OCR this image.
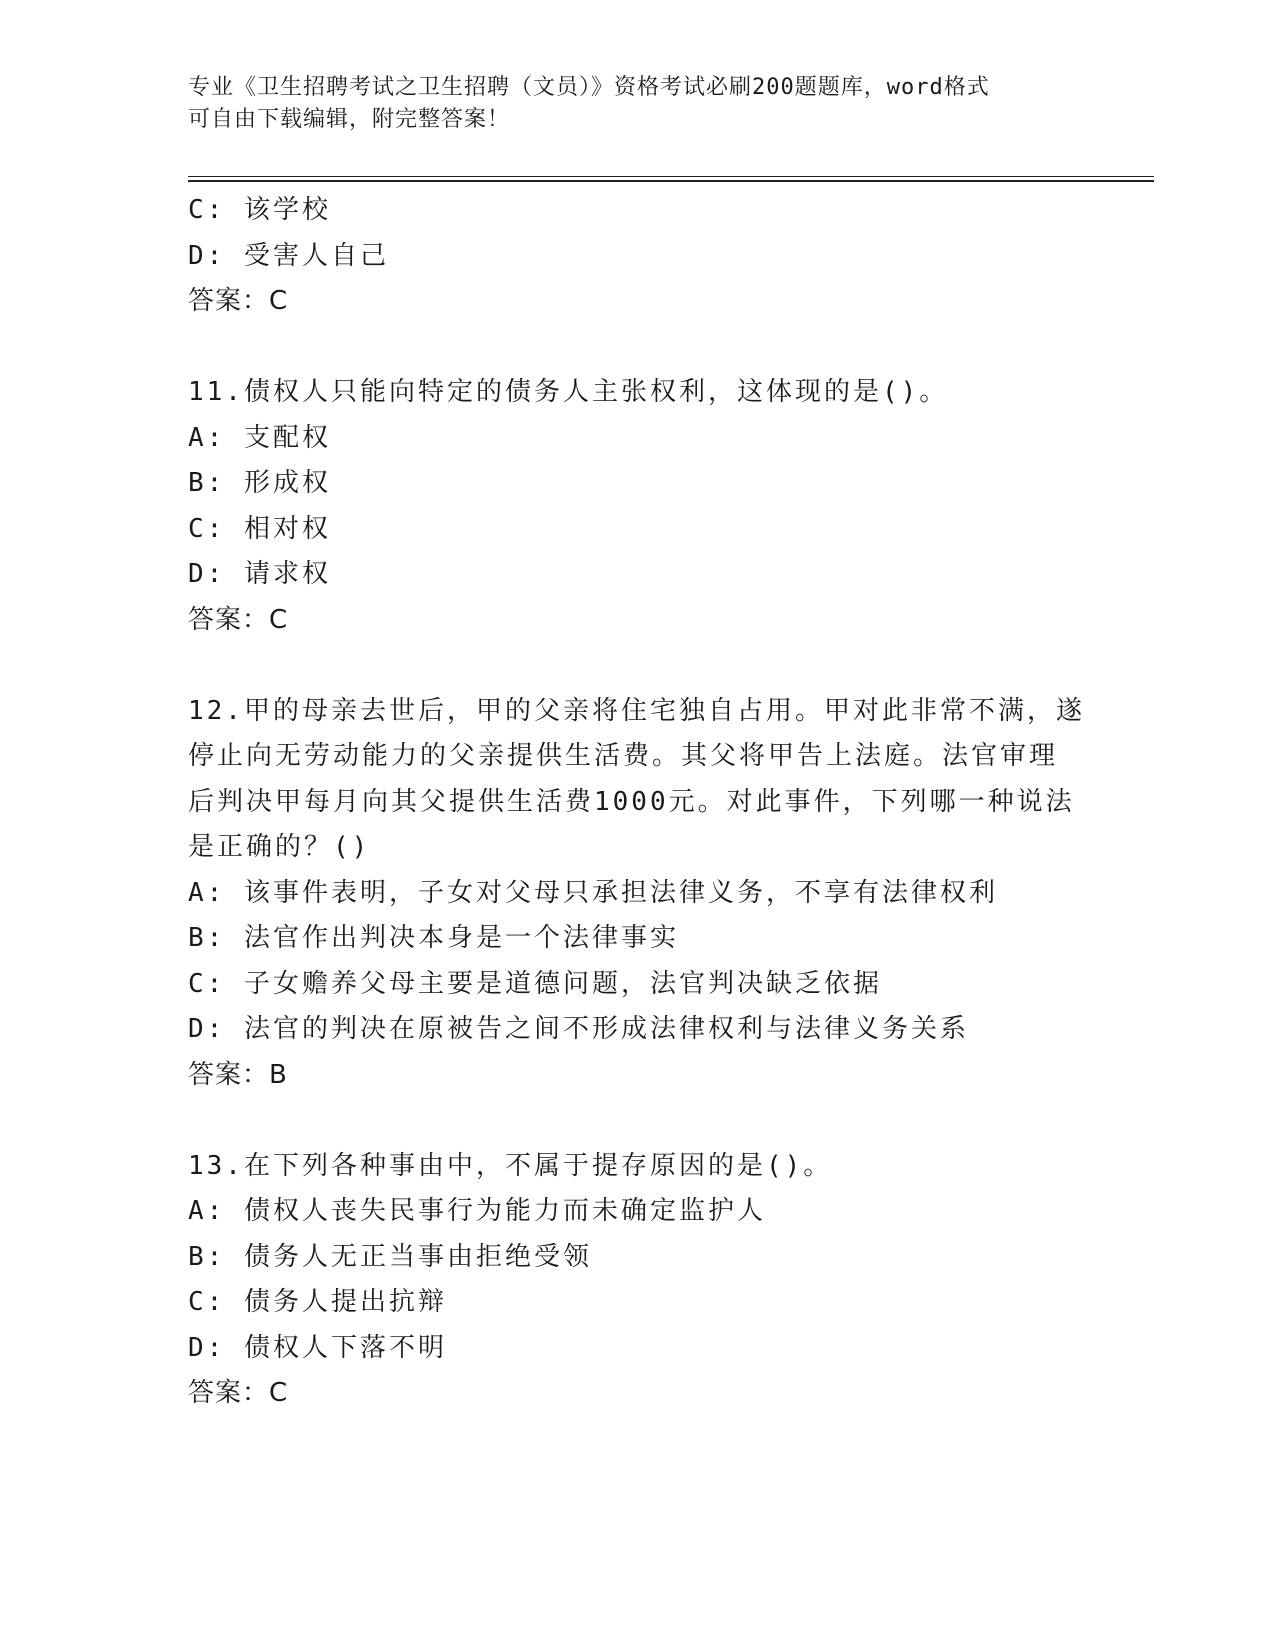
专业《卫生招聘考试之卫生招聘（文员）》资格考试必刷200题题库，word格式
可自由下载编辑，附完整答案！
C: 该学校
D: 受害人自己
答案：C
11.债权人只能向特定的债务人主张权利，这体现的是()。
A: 支配权
B: 形成权
C: 相对权
D: 请求权
答案：C
12.甲的母亲去世后，甲的父亲将住宅独自占用。甲对此非常不满，遂
停止向无劳动能力的父亲提供生活费。其父将甲告上法庭。法官审理
后判决甲每月向其父提供生活费1000元。对此事件，下列哪一种说法
是正确的？()
A: 该事件表明，子女对父母只承担法律义务，不享有法律权利
B: 法官作出判决本身是一个法律事实
C: 子女赡养父母主要是道德问题，法官判决缺乏依据
D: 法官的判决在原被告之间不形成法律权利与法律义务关系
答案：B
13.在下列各种事由中，不属于提存原因的是()。
A: 债权人丧失民事行为能力而未确定监护人
B: 债务人无正当事由拒绝受领
C: 债务人提出抗辩
D: 债权人下落不明
答案：C
